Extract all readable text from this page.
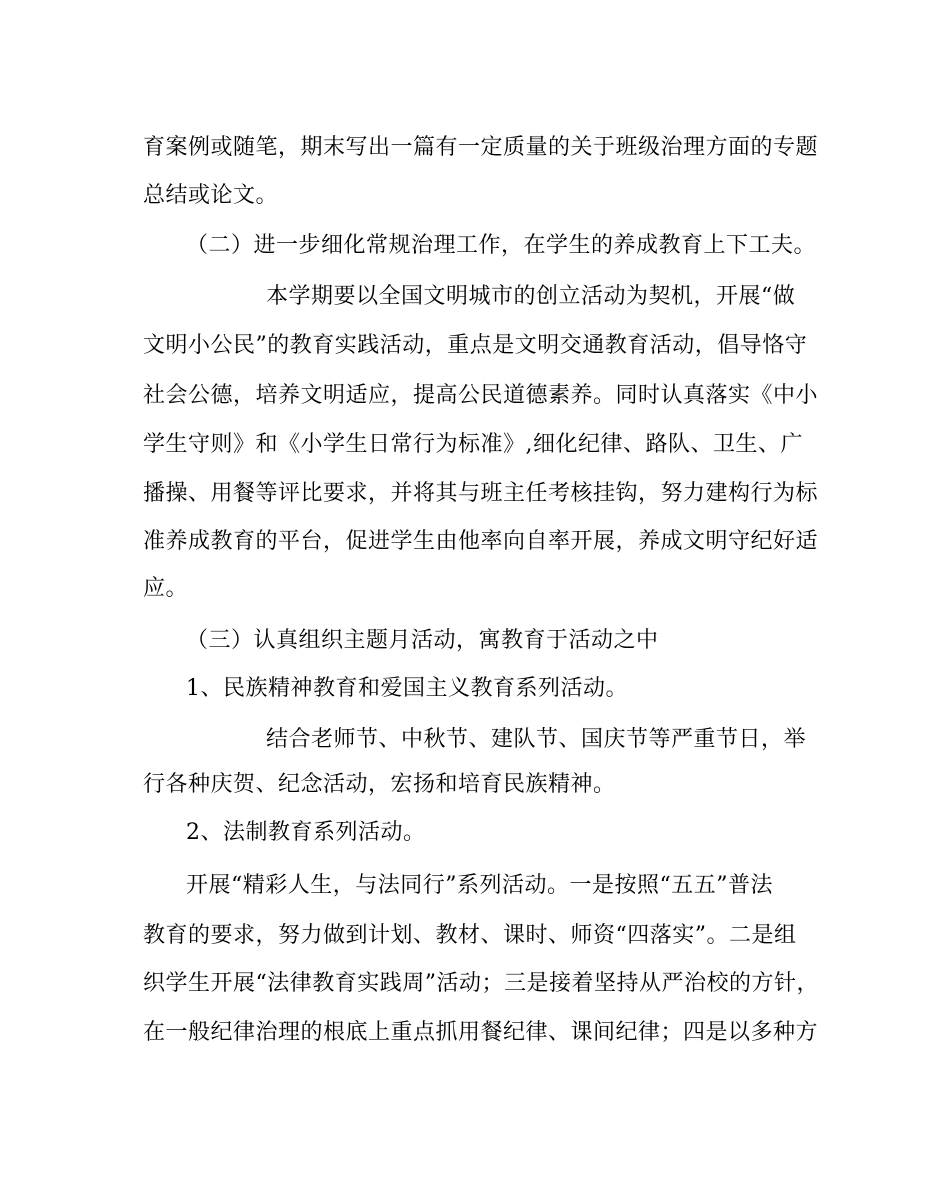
育案例或随笔，期末写出一篇有一定质量的关于班级治理方面的专题
总结或论文。
（二）进一步细化常规治理工作，在学生的养成教育上下工夫。
本学期要以全国文明城市的创立活动为契机，开展“做
文明小公民”的教育实践活动，重点是文明交通教育活动，倡导恪守
社会公德，培养文明适应，提高公民道德素养。同时认真落实《中小
学生守则》和《小学生日常行为标准》,细化纪律、路队、卫生、广
播操、用餐等评比要求，并将其与班主任考核挂钩，努力建构行为标
准养成教育的平台，促进学生由他率向自率开展，养成文明守纪好适
应。
（三）认真组织主题月活动，寓教育于活动之中
1、民族精神教育和爱国主义教育系列活动。
结合老师节、中秋节、建队节、国庆节等严重节日，举
行各种庆贺、纪念活动，宏扬和培育民族精神。
2、法制教育系列活动。
开展“精彩人生，与法同行”系列活动。一是按照“五五”普法
教育的要求，努力做到计划、教材、课时、师资“四落实”。二是组
织学生开展“法律教育实践周”活动；三是接着坚持从严治校的方针，
在一般纪律治理的根底上重点抓用餐纪律、课间纪律；四是以多种方
